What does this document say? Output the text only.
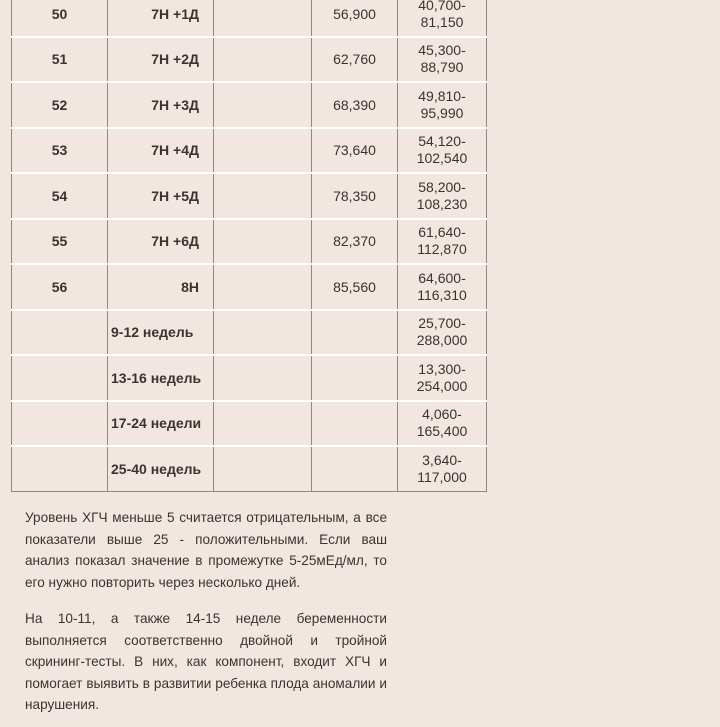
50	7Н +1Д		56,900	40,700-
81,150

51	7Н +2Д		62,760	45,300-
88,790

52	7Н +3Д		68,390	49,810-
95,990

53	7Н +4Д		73,640	54,120-
102,540

54	7Н +5Д		78,350	58,200-
108,230

55	7Н +6Д		82,370	61,640-
112,870

56	8Н		85,560	64,600-
116,310

	9-12 недель			25,700-
288,000

	13-16 недель			13,300-
254,000

	17-24 недели			4,060-
165,400

	25-40 недель			3,640-
117,000

Уровень ХГЧ меньше 5 считается отрицательным, а все показатели выше 25 - положительными. Если ваш анализ показал значение в промежутке 5-25мЕд/мл, то его нужно повторить через несколько дней.

На 10-11, а также 14-15 неделе беременности выполняется соответственно двойной и тройной скрининг-тесты. В них, как компонент, входит ХГЧ и помогает выявить в развитии ребенка плода аномалии и нарушения.
